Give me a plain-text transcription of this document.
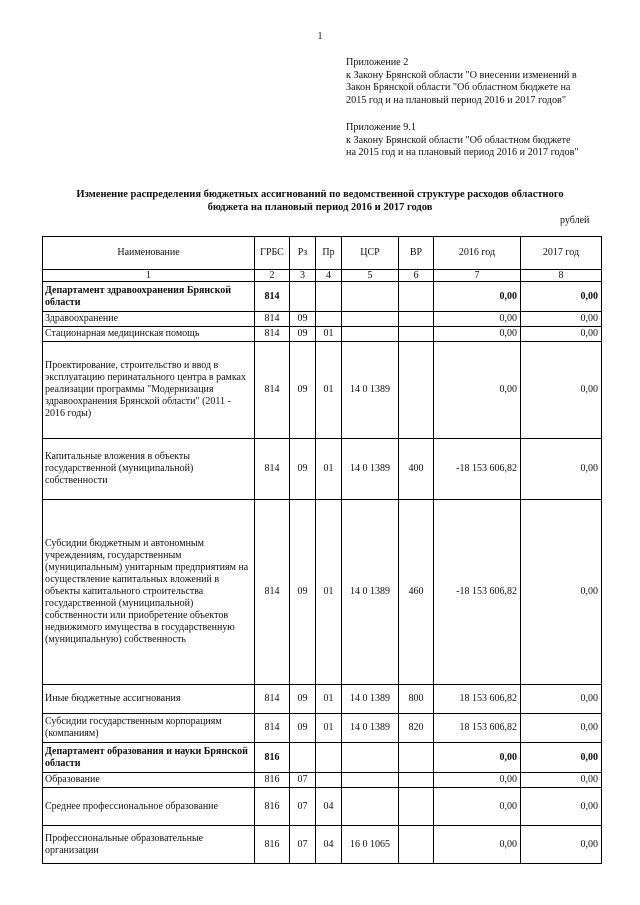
1
Приложение 2
к Закону Брянской области "О внесении изменений в
Закон Брянской области "Об областном бюджете на
2015 год и на плановый период 2016 и 2017 годов"
Приложение 9.1
к Закону Брянской области "Об областном бюджете
на 2015 год и на плановый период 2016 и 2017 годов"
Изменение распределения бюджетных ассигнований по ведомственной структуре расходов областного
бюджета на плановый период 2016 и 2017 годов
рублей
Наименование	ГРБС	Рз	Пр	ЦСР	ВР	2016 год	2017 год
1	2	3	4	5	6	7	8
Департамент здравоохранения Брянской области	814					0,00	0,00
Здравоохранение	814	09				0,00	0,00
Стационарная медицинская помощь	814	09	01			0,00	0,00
Проектирование, строительство и ввод в эксплуатацию перинатального центра в рамках реализации программы "Модернизация здравоохранения Брянской области" (2011 - 2016 годы)	814	09	01	14 0 1389		0,00	0,00
Капитальные вложения в объекты государственной (муниципальной) собственности	814	09	01	14 0 1389	400	-18 153 606,82	0,00
Субсидии бюджетным и автономным учреждениям, государственным (муниципальным) унитарным предприятиям на осуществление капитальных вложений в объекты капитального строительства государственной (муниципальной) собственности или приобретение объектов недвижимого имущества в государственную (муниципальную) собственность	814	09	01	14 0 1389	460	-18 153 606,82	0,00
Иные бюджетные ассигнования	814	09	01	14 0 1389	800	18 153 606,82	0,00
Субсидии государственным корпорациям (компаниям)	814	09	01	14 0 1389	820	18 153 606,82	0,00
Департамент образования и науки Брянской области	816					0,00	0,00
Образование	816	07				0,00	0,00
Среднее профессиональное образование	816	07	04			0,00	0,00
Профессиональные образовательные организации	816	07	04	16 0 1065		0,00	0,00
